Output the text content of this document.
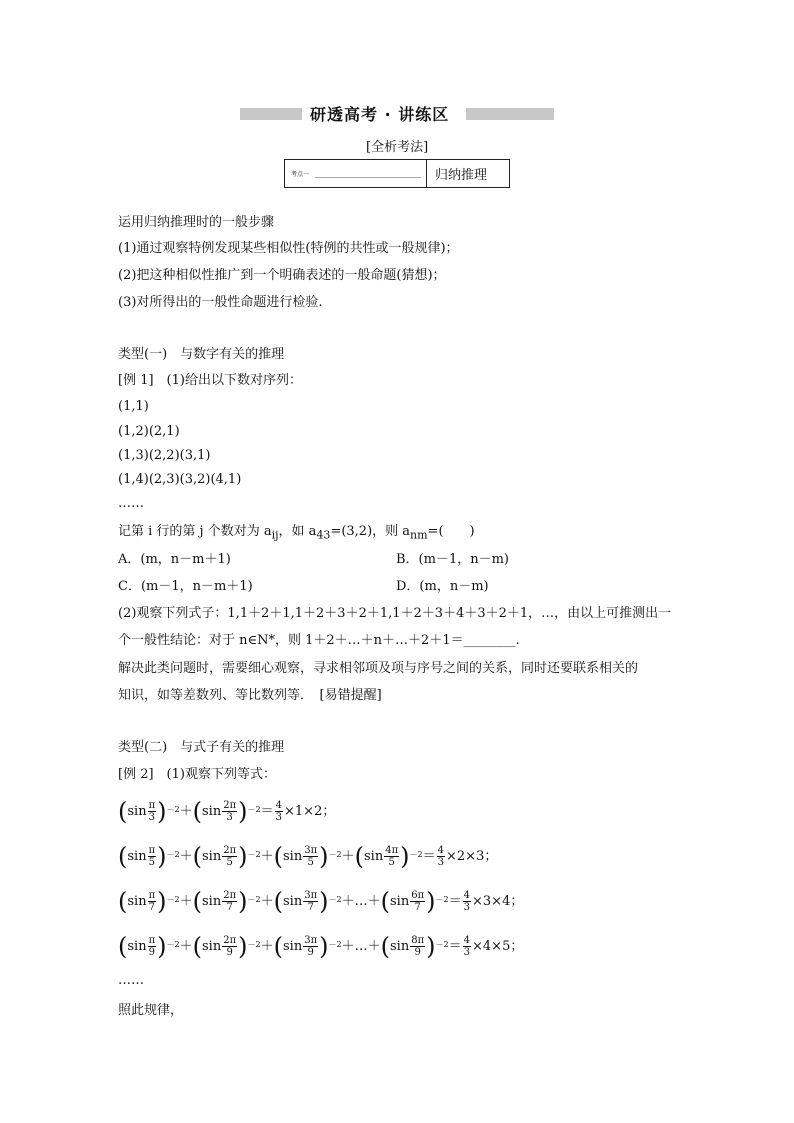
研透高考 · 讲练区
[全析考法]
考点一	归纳推理
运用归纳推理时的一般步骤
(1)通过观察特例发现某些相似性(特例的共性或一般规律)；
(2)把这种相似性推广到一个明确表述的一般命题(猜想)；
(3)对所得出的一般性命题进行检验.
类型(一)　与数字有关的推理
[例 1]　(1)给出以下数对序列：
(1,1)
(1,2)(2,1)
(1,3)(2,2)(3,1)
(1,4)(2,3)(3,2)(4,1)
……
记第 i 行的第 j 个数对为 $a_{ij}$，如 $a_{43}=(3,2)$，则 $a_{nm}=$(　　)
A．(m，n－m＋1)	B．(m－1，n－m)
C．(m－1，n－m＋1)	D．(m，n－m)
(2)观察下列式子：1,1＋2＋1,1＋2＋3＋2＋1,1＋2＋3＋4＋3＋2＋1，…，由以上可推测出一
个一般性结论：对于 n∈N*，则 1＋2＋…＋n＋…＋2＋1＝________.
解决此类问题时，需要细心观察，寻求相邻项及项与序号之间的关系，同时还要联系相关的
知识，如等差数列、等比数列等．　[易错提醒]
类型(二)　与式子有关的推理
[例 2]　(1)观察下列等式：
$(\sin \frac{\pi}{3} )^{-2}+(\sin \frac{2\pi}{3} )^{-2}= \frac{4}{3} \times 1\times 2$；
$(\sin \frac{\pi}{5} )^{-2}+(\sin \frac{2\pi}{5} )^{-2}+(\sin \frac{3\pi}{5} )^{-2}+(\sin \frac{4\pi}{5} )^{-2}= \frac{4}{3} \times 2\times 3$；
$(\sin \frac{\pi}{7} )^{-2}+(\sin \frac{2\pi}{7} )^{-2}+(\sin \frac{3\pi}{7}$ )$^{-2}$＋…＋(sin $\frac{6\pi}{7} )^{-2}= \frac{4}{3} \times 3\times 4$；
$(\sin \frac{\pi}{9} )^{-2}+(\sin \frac{2\pi}{9} )^{-2}+(\sin \frac{3\pi}{9}$ )$^{-2}$＋…＋(sin $\frac{8\pi}{9} )^{-2}= \frac{4}{3} \times 4\times 5$；
……
照此规律，
